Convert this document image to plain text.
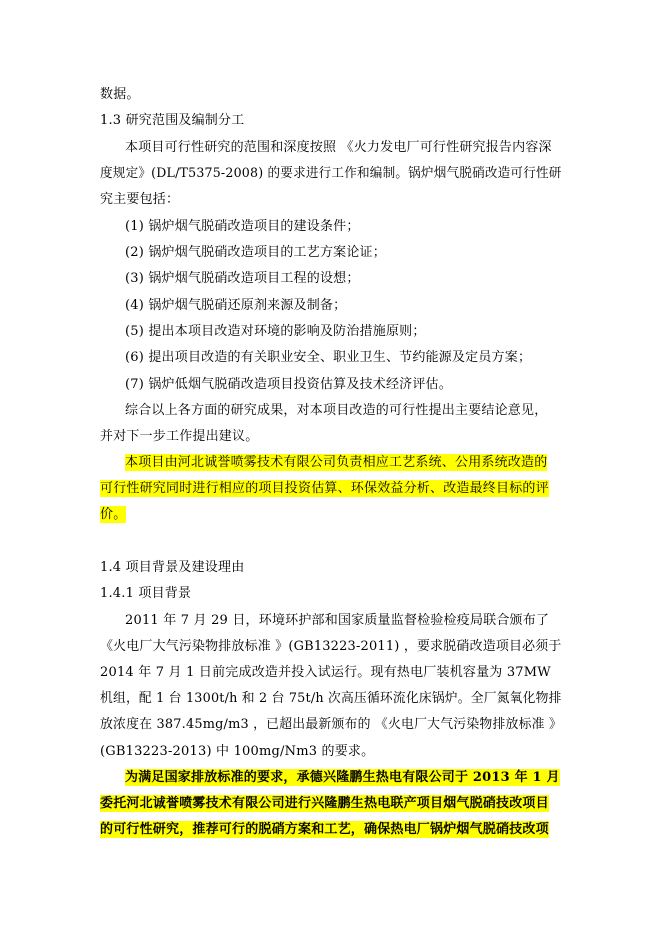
数据。
1.3 研究范围及编制分工
本项目可行性研究的范围和深度按照 《火力发电厂可行性研究报告内容深
度规定》(DL/T5375-2008) 的要求进行工作和编制。锅炉烟气脱硝改造可行性研
究主要包括：
(1) 锅炉烟气脱硝改造项目的建设条件；
(2) 锅炉烟气脱硝改造项目的工艺方案论证；
(3) 锅炉烟气脱硝改造项目工程的设想；
(4) 锅炉烟气脱硝还原剂来源及制备；
(5) 提出本项目改造对环境的影响及防治措施原则；
(6) 提出项目改造的有关职业安全、职业卫生、节约能源及定员方案；
(7) 锅炉低烟气脱硝改造项目投资估算及技术经济评估。
综合以上各方面的研究成果，对本项目改造的可行性提出主要结论意见，
并对下一步工作提出建议。
本项目由河北诚誉喷雾技术有限公司负责相应工艺系统、公用系统改造的
可行性研究同时进行相应的项目投资估算、环保效益分析、改造最终目标的评
价。
1.4 项目背景及建设理由
1.4.1 项目背景
2011 年 7 月 29 日，环境环护部和国家质量监督检验检疫局联合颁布了
《火电厂大气污染物排放标准 》(GB13223-2011) ，要求脱硝改造项目必须于
2014 年 7 月 1 日前完成改造并投入试运行。现有热电厂装机容量为 37MW
机组，配 1 台 1300t/h 和 2 台 75t/h 次高压循环流化床锅炉。全厂氮氧化物排
放浓度在 387.45mg/m3 ，已超出最新颁布的 《火电厂大气污染物排放标准 》
(GB13223-2013) 中 100mg/Nm3 的要求。
为满足国家排放标准的要求，承德兴隆鹏生热电有限公司于 2013 年 1 月
委托河北诚誉喷雾技术有限公司进行兴隆鹏生热电联产项目烟气脱硝技改项目
的可行性研究，推荐可行的脱硝方案和工艺，确保热电厂锅炉烟气脱硝技改项
